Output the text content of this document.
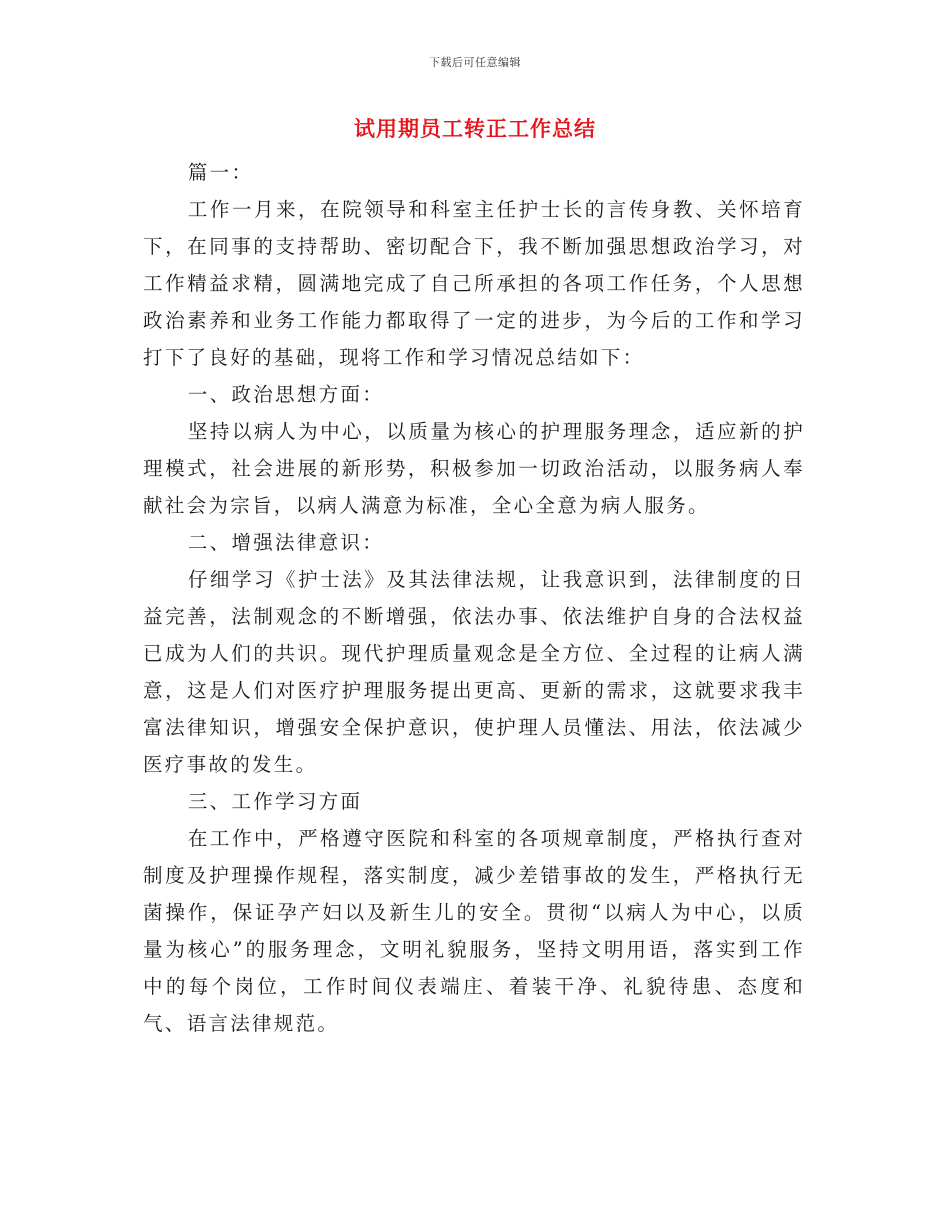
下载后可任意编辑
试用期员工转正工作总结

篇一：

工作一月来，在院领导和科室主任护士长的言传身教、关怀培育下，在同事的支持帮助、密切配合下，我不断加强思想政治学习，对工作精益求精，圆满地完成了自己所承担的各项工作任务，个人思想政治素养和业务工作能力都取得了一定的进步，为今后的工作和学习打下了良好的基础，现将工作和学习情况总结如下：

一、政治思想方面：

坚持以病人为中心，以质量为核心的护理服务理念，适应新的护理模式，社会进展的新形势，积极参加一切政治活动，以服务病人奉献社会为宗旨，以病人满意为标准，全心全意为病人服务。

二、增强法律意识：

仔细学习《护士法》及其法律法规，让我意识到，法律制度的日益完善，法制观念的不断增强，依法办事、依法维护自身的合法权益已成为人们的共识。现代护理质量观念是全方位、全过程的让病人满意，这是人们对医疗护理服务提出更高、更新的需求，这就要求我丰富法律知识，增强安全保护意识，使护理人员懂法、用法，依法减少医疗事故的发生。

三、工作学习方面

在工作中，严格遵守医院和科室的各项规章制度，严格执行查对制度及护理操作规程，落实制度，减少差错事故的发生，严格执行无菌操作，保证孕产妇以及新生儿的安全。贯彻“以病人为中心，以质量为核心”的服务理念，文明礼貌服务，坚持文明用语，落实到工作中的每个岗位，工作时间仪表端庄、着装干净、礼貌待患、态度和气、语言法律规范。
